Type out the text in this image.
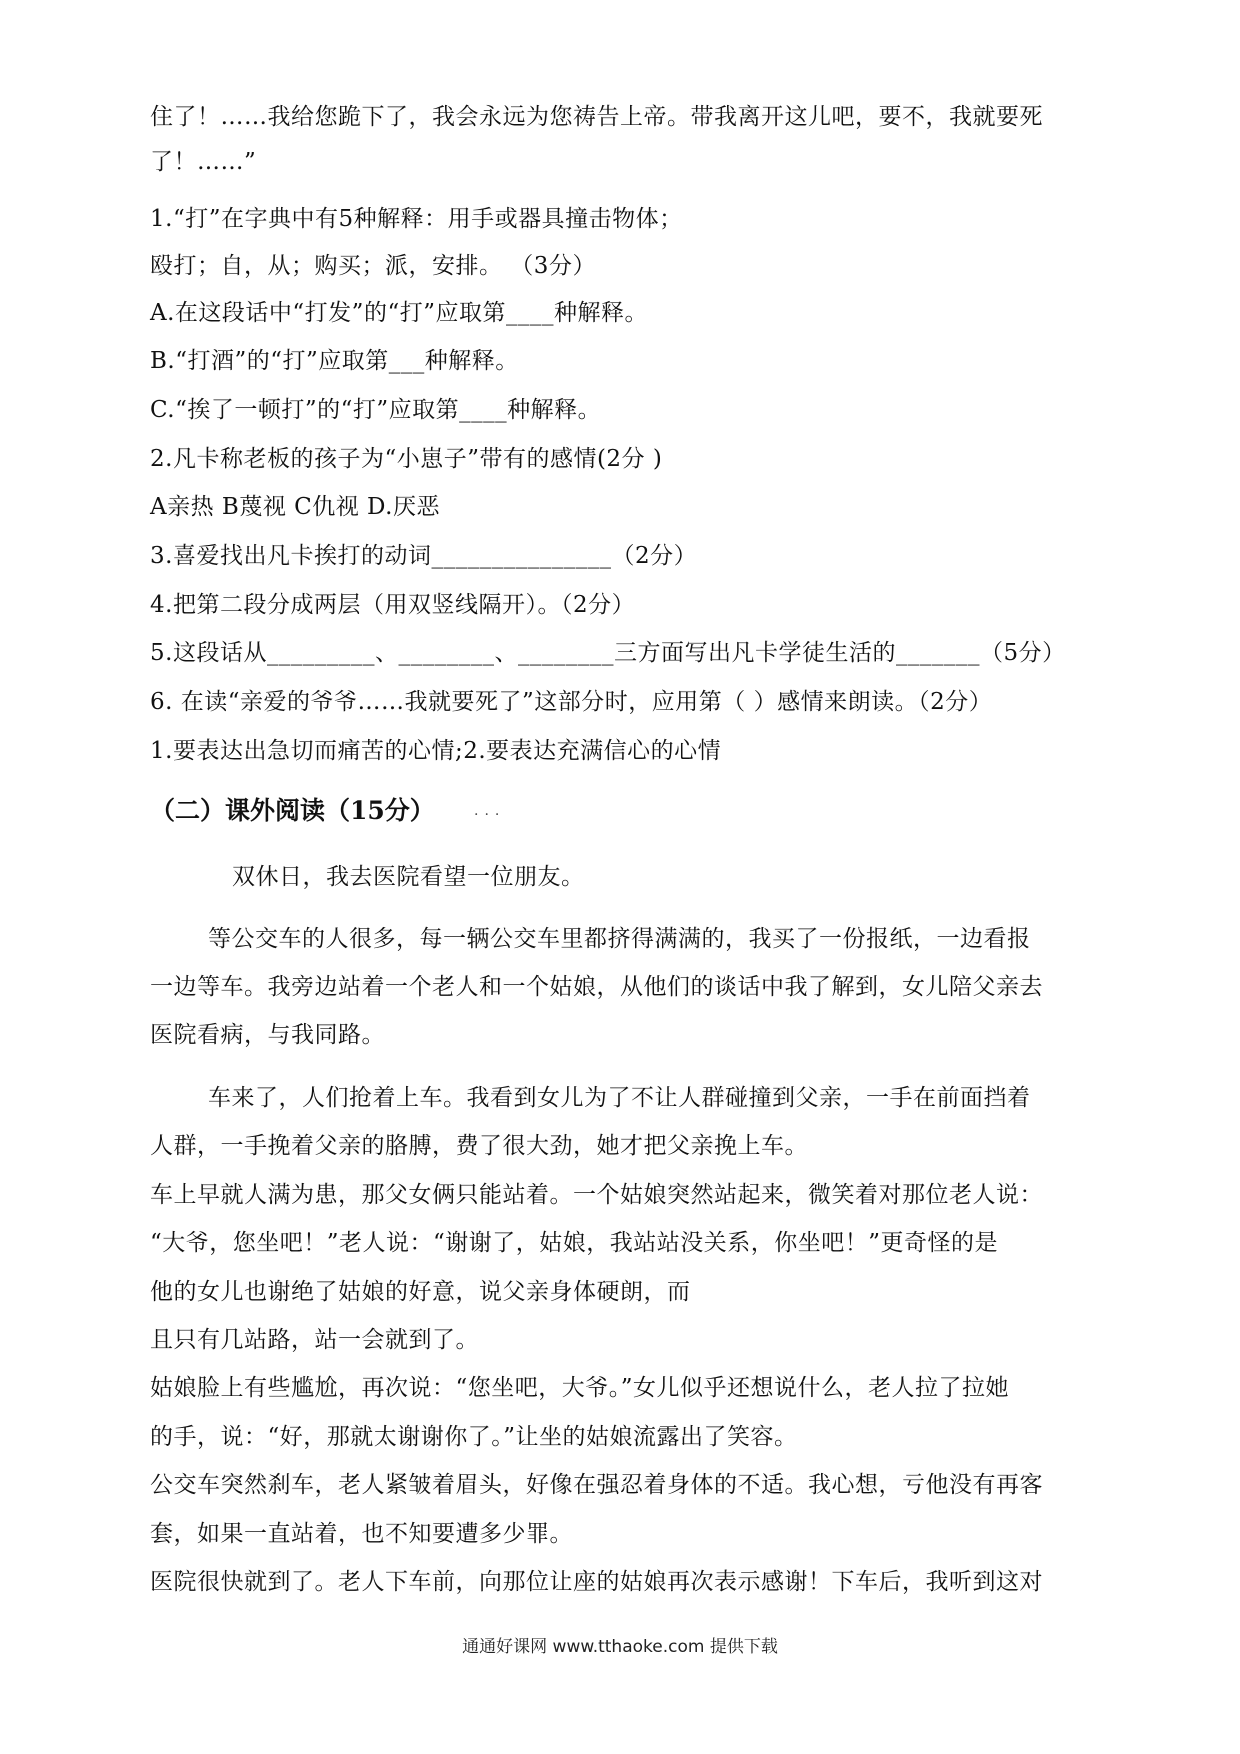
住了！……我给您跪下了，我会永远为您祷告上帝。带我离开这儿吧，要不，我就要死
了！……”
1.“打”在字典中有5种解释：用手或器具撞击物体；
殴打；自，从；购买；派，安排。 （3分）
A.在这段话中“打发”的“打”应取第____种解释。
B.“打酒”的“打”应取第___种解释。
C.“挨了一顿打”的“打”应取第____种解释。
2.凡卡称老板的孩子为“小崽子”带有的感情(2分 )
A亲热 B蔑视 C仇视 D.厌恶
3.喜爱找出凡卡挨打的动词_______________（2分）
4.把第二段分成两层（用双竖线隔开）。（2分）
5.这段话从_________、________、________三方面写出凡卡学徒生活的_______（5分）
6. 在读“亲爱的爷爷……我就要死了”这部分时，应用第（ ）感情来朗读。（2分）
1.要表达出急切而痛苦的心情;2.要表达充满信心的心情
（二）课外阅读（15分）	...
双休日，我去医院看望一位朋友。
等公交车的人很多，每一辆公交车里都挤得满满的，我买了一份报纸，一边看报
一边等车。我旁边站着一个老人和一个姑娘，从他们的谈话中我了解到，女儿陪父亲去
医院看病，与我同路。
车来了，人们抢着上车。我看到女儿为了不让人群碰撞到父亲，一手在前面挡着
人群，一手挽着父亲的胳膊，费了很大劲，她才把父亲挽上车。
车上早就人满为患，那父女俩只能站着。一个姑娘突然站起来，微笑着对那位老人说：
“大爷，您坐吧！”老人说：“谢谢了，姑娘，我站站没关系，你坐吧！”更奇怪的是
他的女儿也谢绝了姑娘的好意，说父亲身体硬朗，而
且只有几站路，站一会就到了。
姑娘脸上有些尴尬，再次说：“您坐吧，大爷。”女儿似乎还想说什么，老人拉了拉她
的手，说：“好，那就太谢谢你了。”让坐的姑娘流露出了笑容。
公交车突然刹车，老人紧皱着眉头，好像在强忍着身体的不适。我心想，亏他没有再客
套，如果一直站着，也不知要遭多少罪。
医院很快就到了。老人下车前，向那位让座的姑娘再次表示感谢！下车后，我听到这对
通通好课网 www.tthaoke.com 提供下载
